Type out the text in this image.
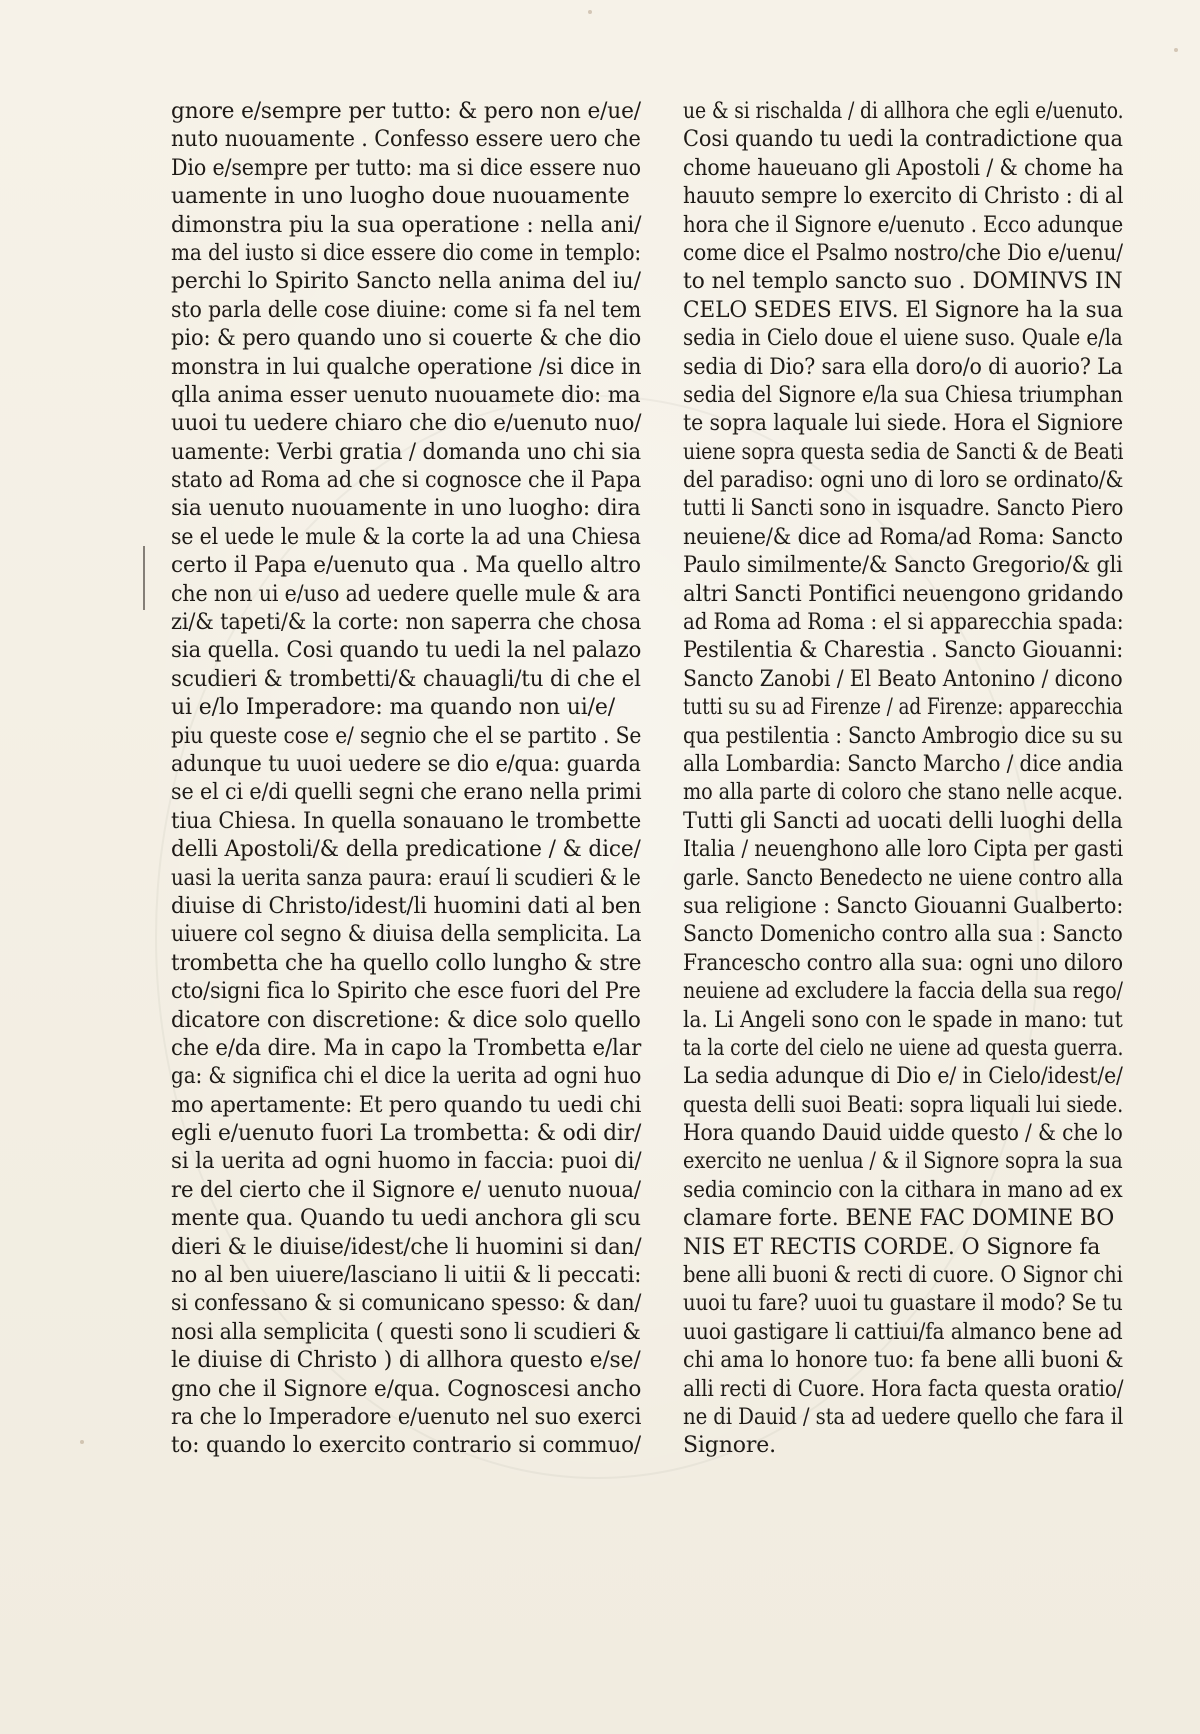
gnore e/sempre per tutto: & pero non e/ue/
nuto nuouamente . Confesso essere uero che
Dio e/sempre per tutto: ma si dice essere nuo
uamente in uno luogho doue nuouamente
dimonstra piu la sua operatione : nella ani/
ma del iusto si dice essere dio come in templo:
perchi lo Spirito Sancto nella anima del iu/
sto parla delle cose diuine: come si fa nel tem
pio: & pero quando uno si couerte & che dio
monstra in lui qualche operatione /si dice in
qlla anima esser uenuto nuouamete dio: ma
uuoi tu uedere chiaro che dio e/uenuto nuo/
uamente: Verbi gratia / domanda uno chi sia
stato ad Roma ad che si cognosce che il Papa
sia uenuto nuouamente in uno luogho: dira
se el uede le mule & la corte la ad una Chiesa
certo il Papa e/uenuto qua . Ma quello altro
che non ui e/uso ad uedere quelle mule & ara
zi/& tapeti/& la corte: non saperra che chosa
sia quella. Cosi quando tu uedi la nel palazo
scudieri & trombetti/& chauagli/tu di che el
ui e/lo Imperadore: ma quando non ui/e/
piu queste cose e/ segnio che el se partito . Se
adunque tu uuoi uedere se dio e/qua: guarda
se el ci e/di quelli segni che erano nella primi
tiua Chiesa. In quella sonauano le trombette
delli Apostoli/& della predicatione / & dice/
uasi la uerita sanza paura: erauí li scudieri & le
diuise di Christo/idest/li huomini dati al ben
uiuere col segno & diuisa della semplicita. La
trombetta che ha quello collo lungho & stre
cto/signi fica lo Spirito che esce fuori del Pre
dicatore con discretione: & dice solo quello
che e/da dire. Ma in capo la Trombetta e/lar
ga: & significa chi el dice la uerita ad ogni huo
mo apertamente: Et pero quando tu uedi chi
egli e/uenuto fuori La trombetta: & odi dir/
si la uerita ad ogni huomo in faccia: puoi di/
re del cierto che il Signore e/ uenuto nuoua/
mente qua. Quando tu uedi anchora gli scu
dieri & le diuise/idest/che li huomini si dan/
no al ben uiuere/lasciano li uitii & li peccati:
si confessano & si comunicano spesso: & dan/
nosi alla semplicita ( questi sono li scudieri &
le diuise di Christo ) di allhora questo e/se/
gno che il Signore e/qua. Cognoscesi ancho
ra che lo Imperadore e/uenuto nel suo exerci
to: quando lo exercito contrario si commuo/
ue & si rischalda / di allhora che egli e/uenuto.
Cosi quando tu uedi la contradictione qua
chome haueuano gli Apostoli / & chome ha
hauuto sempre lo exercito di Christo : di al
hora che il Signore e/uenuto . Ecco adunque
come dice el Psalmo nostro/che Dio e/uenu/
to nel templo sancto suo . DOMINVS IN
CELO SEDES EIVS. El Signore ha la sua
sedia in Cielo doue el uiene suso. Quale e/la
sedia di Dio? sara ella doro/o di auorio? La
sedia del Signore e/la sua Chiesa triumphan
te sopra laquale lui siede. Hora el Signiore
uiene sopra questa sedia de Sancti & de Beati
del paradiso: ogni uno di loro se ordinato/&
tutti li Sancti sono in isquadre. Sancto Piero
neuiene/& dice ad Roma/ad Roma: Sancto
Paulo similmente/& Sancto Gregorio/& gli
altri Sancti Pontifici neuengono gridando
ad Roma ad Roma : el si apparecchia spada:
Pestilentia & Charestia . Sancto Giouanni:
Sancto Zanobi / El Beato Antonino / dicono
tutti su su ad Firenze / ad Firenze: apparecchia
qua pestilentia : Sancto Ambrogio dice su su
alla Lombardia: Sancto Marcho / dice andia
mo alla parte di coloro che stano nelle acque.
Tutti gli Sancti ad uocati delli luoghi della
Italia / neuenghono alle loro Cipta per gasti
garle. Sancto Benedecto ne uiene contro alla
sua religione : Sancto Giouanni Gualberto:
Sancto Domenicho contro alla sua : Sancto
Francescho contro alla sua: ogni uno diloro
neuiene ad excludere la faccia della sua rego/
la. Li Angeli sono con le spade in mano: tut
ta la corte del cielo ne uiene ad questa guerra.
La sedia adunque di Dio e/ in Cielo/idest/e/
questa delli suoi Beati: sopra liquali lui siede.
Hora quando Dauid uidde questo / & che lo
exercito ne uenlua / & il Signore sopra la sua
sedia comincio con la cithara in mano ad ex
clamare forte. BENE FAC DOMINE BO
NIS ET RECTIS CORDE. O Signore fa
bene alli buoni & recti di cuore. O Signor chi
uuoi tu fare? uuoi tu guastare il modo? Se tu
uuoi gastigare li cattiui/fa almanco bene ad
chi ama lo honore tuo: fa bene alli buoni &
alli recti di Cuore. Hora facta questa oratio/
ne di Dauid / sta ad uedere quello che fara il
Signore.
